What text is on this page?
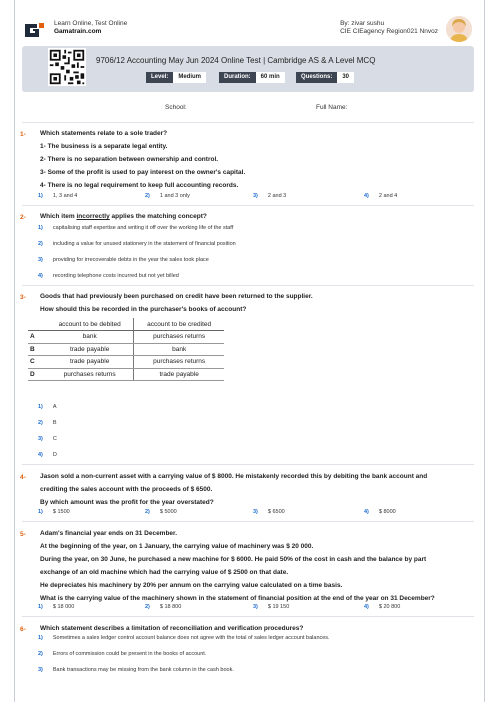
Learn Online, Test Online
Gamatrain.com
By: zivar sushu
CIE CIEagency Region021 Nnvoz
9706/12 Accounting May Jun 2024 Online Test | Cambridge AS & A Level MCQ
Level:	Medium	Duration:	60 min	Questions:	30
School:	Full Name:
1- Which statements relate to a sole trader?
1- The business is a separate legal entity.
2- There is no separation between ownership and control.
3- Some of the profit is used to pay interest on the owner's capital.
4- There is no legal requirement to keep full accounting records.
1) 1, 3 and 4	2) 1 and 3 only	3) 2 and 3	4) 2 and 4
2- Which item incorrectly applies the matching concept?
1) capitalising staff expertise and writing it off over the working life of the staff
2) including a value for unused stationery in the statement of financial position
3) providing for irrecoverable debts in the year the sales took place
4) recording telephone costs incurred but not yet billed
3- Goods that had previously been purchased on credit have been returned to the supplier.
How should this be recorded in the purchaser's books of account?
	account to be debited	account to be credited
A	bank	purchases returns
B	trade payable	bank
C	trade payable	purchases returns
D	purchases returns	trade payable
1) A
2) B
3) C
4) D
4- Jason sold a non-current asset with a carrying value of $ 8000. He mistakenly recorded this by debiting the bank account and
crediting the sales account with the proceeds of $ 6500.
By which amount was the profit for the year overstated?
1) $ 1500	2) $ 5000	3) $ 6500	4) $ 8000
5- Adam's financial year ends on 31 December.
At the beginning of the year, on 1 January, the carrying value of machinery was $ 20 000.
During the year, on 30 June, he purchased a new machine for $ 6000. He paid 50% of the cost in cash and the balance by part
exchange of an old machine which had the carrying value of $ 2500 on that date.
He depreciates his machinery by 20% per annum on the carrying value calculated on a time basis.
What is the carrying value of the machinery shown in the statement of financial position at the end of the year on 31 December?
1) $ 18 000	2) $ 18 800	3) $ 19 150	4) $ 20 800
6- Which statement describes a limitation of reconciliation and verification procedures?
1) Sometimes a sales ledger control account balance does not agree with the total of sales ledger account balances.
2) Errors of commission could be present in the books of account.
3) Bank transactions may be missing from the bank column in the cash book.
